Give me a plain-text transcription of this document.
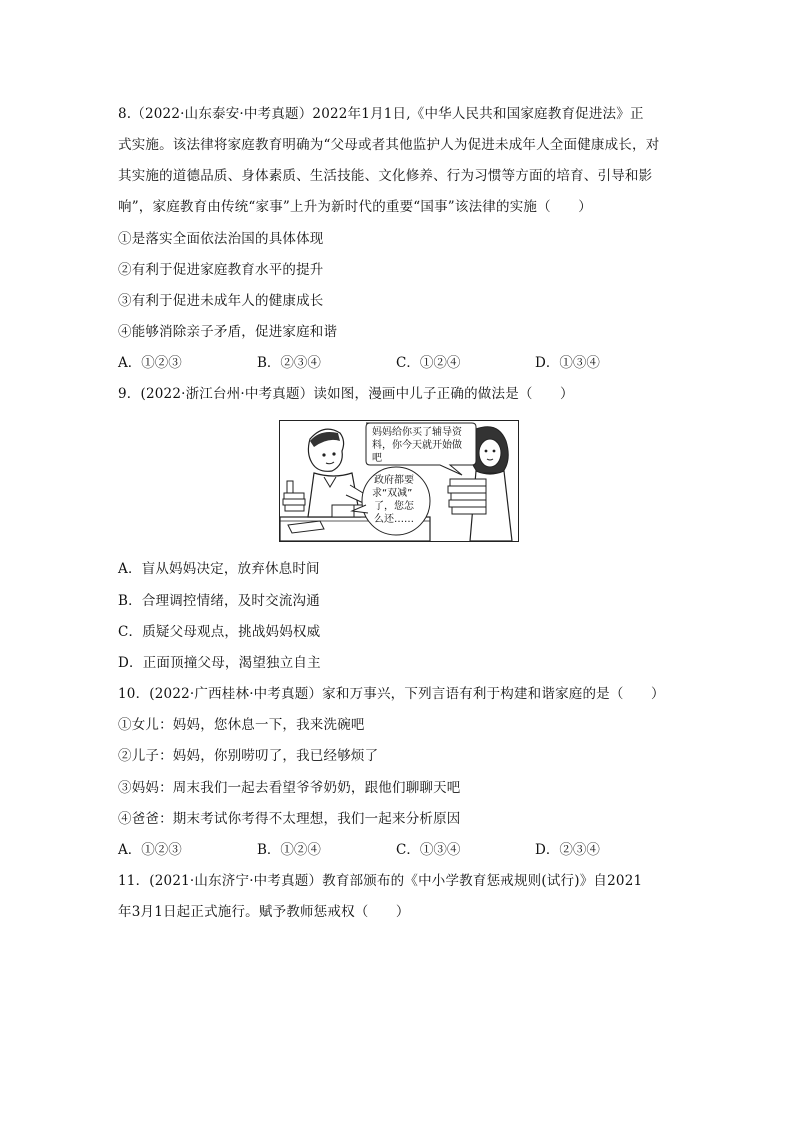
8.（2022·山东泰安·中考真题）2022年1月1日,《中华人民共和国家庭教育促进法》正
式实施。该法律将家庭教育明确为“父母或者其他监护人为促进未成年人全面健康成长，对
其实施的道德品质、身体素质、生活技能、文化修养、行为习惯等方面的培育、引导和影
响”，家庭教育由传统“家事”上升为新时代的重要“国事”该法律的实施（　　）
①是落实全面依法治国的具体体现
②有利于促进家庭教育水平的提升
③有利于促进未成年人的健康成长
④能够消除亲子矛盾，促进家庭和谐
A．①②③	B．②③④	C．①②④	D．①③④
9．(2022·浙江台州·中考真题）读如图，漫画中儿子正确的做法是（　　）
妈妈给你买了辅导资
料，你今天就开始做
吧
政府都要
求“双减”
了，您怎
么还……
A．盲从妈妈决定，放弃休息时间
B．合理调控情绪，及时交流沟通
C．质疑父母观点，挑战妈妈权威
D．正面顶撞父母，渴望独立自主
10．(2022·广西桂林·中考真题）家和万事兴，下列言语有利于构建和谐家庭的是（　　）
①女儿：妈妈，您休息一下，我来洗碗吧
②儿子：妈妈，你别唠叨了，我已经够烦了
③妈妈：周末我们一起去看望爷爷奶奶，跟他们聊聊天吧
④爸爸：期末考试你考得不太理想，我们一起来分析原因
A．①②③	B．①②④	C．①③④	D．②③④
11．(2021·山东济宁·中考真题）教育部颁布的《中小学教育惩戒规则(试行)》自2021
年3月1日起正式施行。赋予教师惩戒权（　　）
